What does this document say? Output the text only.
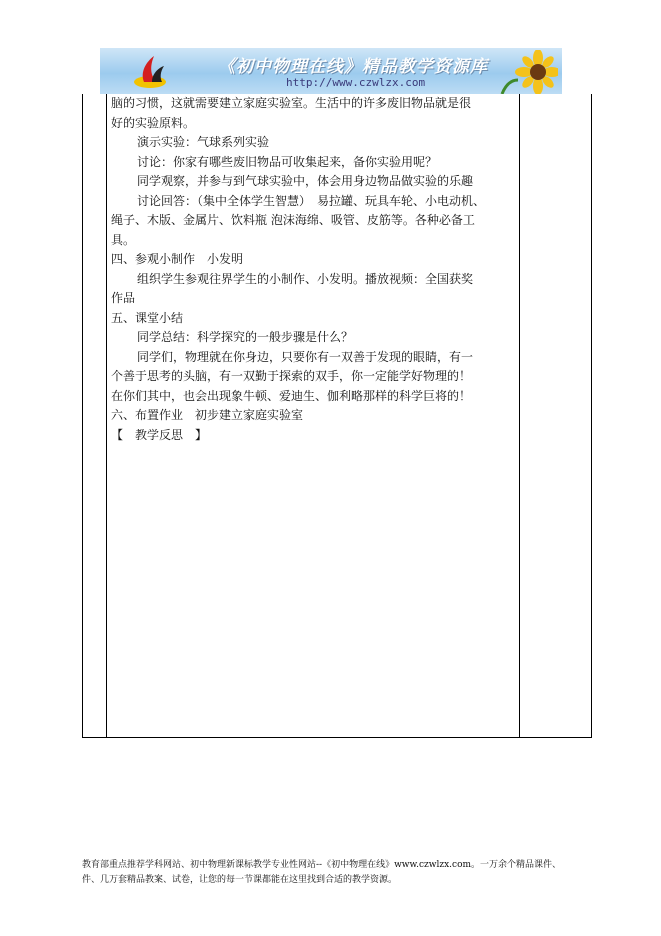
《初中物理在线》精品教学资源库
http://www.czwlzx.com

脑的习惯，这就需要建立家庭实验室。生活中的许多废旧物品就是很

好的实验原料。

演示实验：气球系列实验

讨论：你家有哪些废旧物品可收集起来，备你实验用呢？

同学观察，并参与到气球实验中，体会用身边物品做实验的乐趣

讨论回答：（集中全体学生智慧）　易拉罐、玩具车轮、小电动机、

绳子、木版、金属片、饮料瓶 泡沫海绵、吸管、皮筋等。各种必备工

具。

四、参观小制作　小发明

组织学生参观往界学生的小制作、小发明。播放视频：全国获奖

作品

五、课堂小结

同学总结：科学探究的一般步骤是什么？

同学们，物理就在你身边，只要你有一双善于发现的眼睛，有一

个善于思考的头脑，有一双勤于探索的双手，你一定能学好物理的！

在你们其中，也会出现象牛顿、爱迪生、伽利略那样的科学巨将的！

六、布置作业　初步建立家庭实验室

【　教学反思　】

教育部重点推荐学科网站、初中物理新课标教学专业性网站--《初中物理在线》www.czwlzx.com。一万余个精品课件、
件、几万套精品教案、试卷，让您的每一节课都能在这里找到合适的教学资源。
